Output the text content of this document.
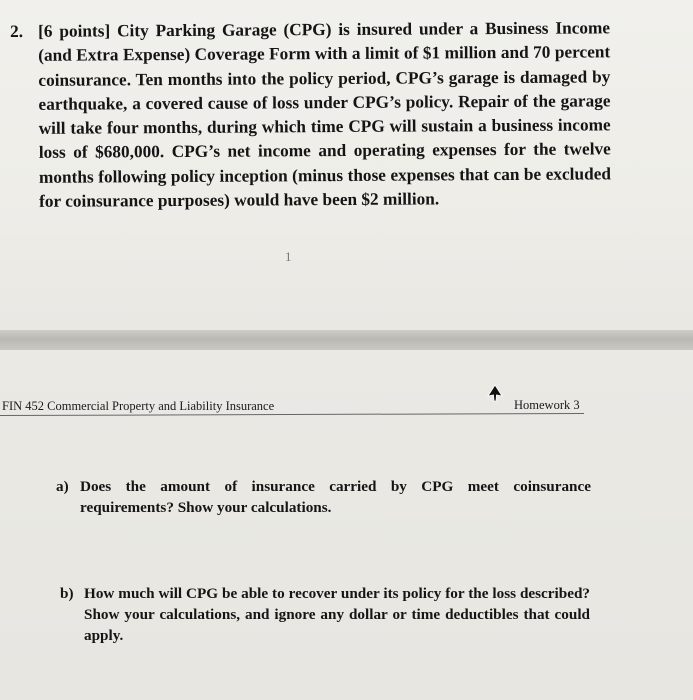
2. [6 points] City Parking Garage (CPG) is insured under a Business Income (and Extra Expense) Coverage Form with a limit of $1 million and 70 percent coinsurance. Ten months into the policy period, CPG’s garage is damaged by earthquake, a covered cause of loss under CPG’s policy. Repair of the garage will take four months, during which time CPG will sustain a business income loss of $680,000. CPG’s net income and operating expenses for the twelve months following policy inception (minus those expenses that can be excluded for coinsurance purposes) would have been $2 million.
1
FIN 452 Commercial Property and Liability Insurance	Homework 3
a) Does the amount of insurance carried by CPG meet coinsurance requirements? Show your calculations.
b) How much will CPG be able to recover under its policy for the loss described? Show your calculations, and ignore any dollar or time deductibles that could apply.
